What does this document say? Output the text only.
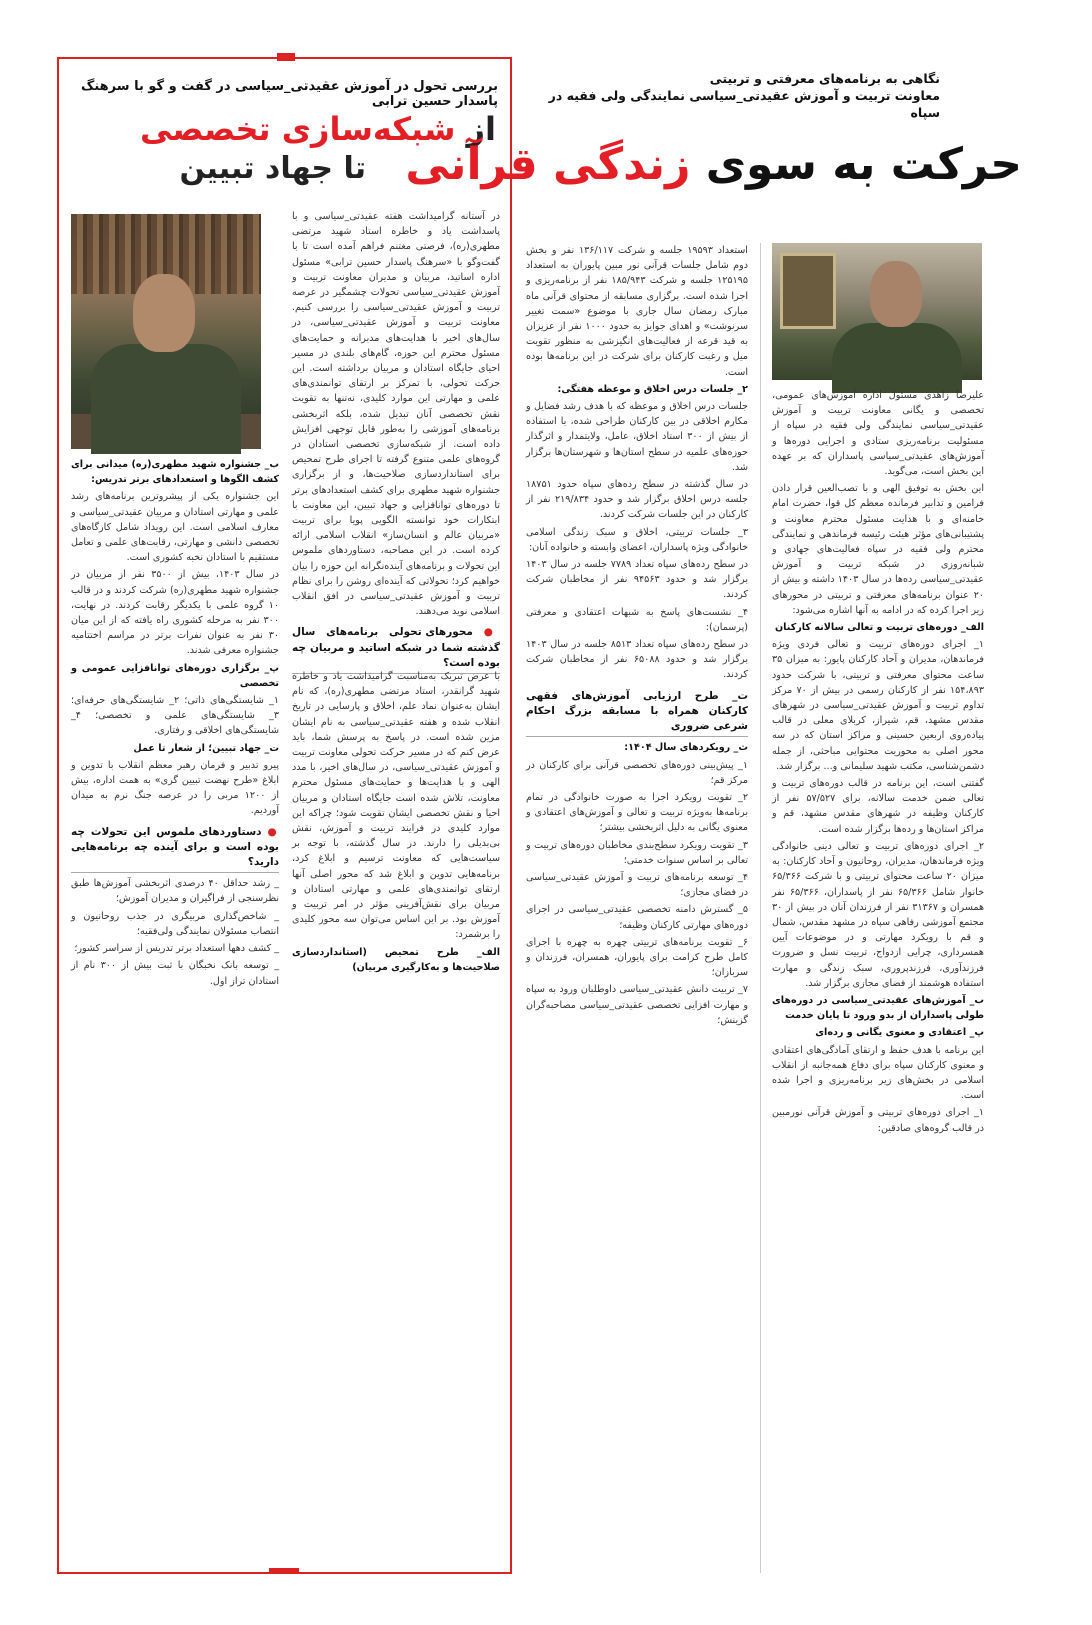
بررسی تحول در آموزش عقیدتی_سیاسی در گفت و گو با سرهنگ پاسدار حسین ترابی
از شبکه‌سازی تخصصی
تا جهاد تبیین

در آستانه گرامیداشت هفته عقیدتی_سیاسی و با پاسداشت یاد و خاطره استاد شهید مرتضی مطهری(ره)، فرصتی مغتنم فراهم آمده است تا با گفت‌وگو با «سرهنگ پاسدار حسین ترابی» مسئول اداره اساتید، مربیان و مدیران معاونت تربیت و آموزش عقیدتی_سیاسی تحولات چشمگیر در عرصه تربیت و آموزش عقیدتی_سیاسی را بررسی کنیم. معاونت تربیت و آموزش عقیدتی_سیاسی، در سال‌های اخیر با هدایت‌های مدبرانه و حمایت‌های مسئول محترم این حوزه، گام‌های بلندی در مسیر احیای جایگاه استادان و مربیان برداشته است. این حرکت تحولی، با تمرکز بر ارتقای توانمندی‌های علمی و مهارتی این موارد کلیدی، نه‌تنها به تقویت نقش تخصصی آنان تبدیل شده، بلکه اثربخشی برنامه‌های آموزشی را به‌طور قابل توجهی افزایش داده است. از شبکه‌سازی تخصصی استادان در گروه‌های علمی متنوع گرفته تا اجرای طرح تمحیص برای استانداردسازی صلاحیت‌ها، و از برگزاری جشنواره شهید مطهری برای کشف استعدادهای برتر تا دوره‌های توانافزایی و جهاد تبیین، این معاونت با ابتکارات خود توانسته الگویی پویا برای تربیت «مربیان عالم و انسان‌ساز» انقلاب اسلامی ارائه کرده است. در این مصاحبه، دستاوردهای ملموس این تحولات و برنامه‌های آینده‌نگرانه این حوزه را بیان خواهیم کرد؛ تحولاتی که آینده‌ای روشن را برای نظام تربیت و آموزش عقیدتی_سیاسی در افق انقلاب اسلامی نوید می‌دهند.

● محورهای تحولی برنامه‌های سال گذشته شما در شبکه اساتید و مربیان چه بوده است؟

با عرض تبریک به‌مناسبت گرامیداشت یاد و خاطره شهید گرانقدر، استاد مرتضی مطهری(ره)، که نام ایشان به‌عنوان نماد علم، اخلاق و پارسایی در تاریخ انقلاب شده و هفته عقیدتی_سیاسی به نام ایشان مزین شده است. در پاسخ به پرسش شما، باید عرض کنم که در مسیر حرکت تحولی معاونت تربیت و آموزش عقیدتی_سیاسی، در سال‌های اخیر، با مدد الهی و با هدایت‌ها و حمایت‌های مسئول محترم معاونت، تلاش شده است جایگاه استادان و مربیان احیا و نقش تخصصی ایشان تقویت شود؛ چراکه این موارد کلیدی در فرایند تربیت و آموزش، نقش بی‌بدیلی را دارند. در سال گذشته، با توجه بر سیاست‌هایی که معاونت ترسیم و ابلاغ کرد، برنامه‌هایی تدوین و ابلاغ شد که محور اصلی آنها ارتقای توانمندی‌های علمی و مهارتی استادان و مربیان برای نقش‌آفرینی مؤثر در امر تربیت و آموزش بود. بر این اساس می‌توان سه محور کلیدی را برشمرد:

الف_ طرح تمحیص (استانداردسازی صلاحیت‌ها و به‌کارگیری مربیان)

ب_ جشنواره شهید مطهری(ره) میدانی برای کشف الگوها و استعدادهای برتر تدریس:

این جشنواره یکی از پیشروترین برنامه‌های رشد علمی و مهارتی استادان و مربیان عقیدتی_سیاسی و معارف اسلامی است. این رویداد شامل کارگاه‌های تخصصی دانشی و مهارتی، رقابت‌های علمی و تعامل مستقیم با استادان نخبه کشوری است.

در سال ۱۴۰۳، بیش از ۳۵۰۰ نفر از مربیان در جشنواره شهید مطهری(ره) شرکت کردند و در قالب ۱۰ گروه علمی با یکدیگر رقابت کردند. در نهایت، ۳۰۰ نفر به مرحله کشوری راه یافته که از این میان ۳۰ نفر به عنوان نفرات برتر در مراسم اختتامیه جشنواره معرفی شدند.

پ_ برگزاری دوره‌های توانافزایی عمومی و تخصصی

۱_ شایستگی‌های ذاتی؛ ۲_ شایستگی‌های حرفه‌ای؛ ۳_ شایستگی‌های علمی و تخصصی؛ ۴_ شایستگی‌های اخلاقی و رفتاری.

ت_ جهاد تبیین؛ از شعار تا عمل

پیرو تدبیر و فرمان رهبر معظم انقلاب با تدوین و ابلاغ «طرح نهضت تبیین گری» به همت اداره، بیش از ۱۲۰۰ مربی را در عرصه جنگ نرم به میدان آوردیم.

● دستاوردهای ملموس این تحولات چه بوده است و برای آینده چه برنامه‌هایی دارید؟

_ رشد حداقل ۴۰ درصدی اثربخشی آموزش‌ها طبق نظرسنجی از فراگیران و مدیران آموزش؛

_ شاخص‌گذاری مربیگری در جذب روحانیون و انتصاب مسئولان نمایندگی ولی‌فقیه؛

_ کشف دهها استعداد برتر تدریس از سراسر کشور؛

_ توسعه بانک نخبگان با ثبت بیش از ۳۰۰ نام از استادان تراز اول.

نگاهی به برنامه‌های معرفتی و تربیتی
معاونت تربیت و آموزش عقیدتی_سیاسی نمایندگی ولی فقیه در سپاه
حرکت به سوی زندگی قرآنی

علیرضا زاهدی مسئول اداره آموزش‌های عمومی، تخصصی و یگانی معاونت تربیت و آموزش عقیدتی_سیاسی نمایندگی ولی فقیه در سپاه از مسئولیت برنامه‌ریزی ستادی و اجرایی دوره‌ها و آموزش‌های عقیدتی_سیاسی پاسداران که بر عهده این بخش است، می‌گوید.

این بخش به توفیق الهی و با تصب‌العین قرار دادن فرامین و تدابیر فرمانده معظم کل قوا، حضرت امام خامنه‌ای و با هدایت مسئول محترم معاونت و پشتیبانی‌های مؤثر هیئت رئیسه فرماندهی و نمایندگی محترم ولی فقیه در سپاه فعالیت‌های جهادی و شبانه‌روزی در شبکه تربیت و آموزش عقیدتی_سیاسی رده‌ها در سال ۱۴۰۳ داشته و بیش از ۲۰ عنوان برنامه‌های معرفتی و تربیتی در محورهای زیر اجرا کرده که در ادامه به آنها اشاره می‌شود:

الف_ دوره‌های تربیت و تعالی سالانه کارکنان

۱_ اجرای دوره‌های تربیت و تعالی فردی ویژه فرماندهان، مدیران و آحاد کارکنان پایور: به میزان ۳۵ ساعت محتوای معرفتی و تربیتی، با شرکت حدود ۱۵۴،۸۹۳ نفر از کارکنان رسمی در بیش از ۷۰ مرکز تداوم تربیت و آموزش عقیدتی_سیاسی در شهرهای مقدس مشهد، قم، شیراز، کربلای معلی در قالب پیاده‌روی اربعین حسینی و مراکز استان که در سه محور اصلی به محوریت محتوایی مباحثی، از جمله دشمن‌شناسی، مکتب شهید سلیمانی و... برگزار شد.

گفتنی است، این برنامه در قالب دوره‌های تربیت و تعالی ضمن خدمت سالانه، برای ۵۷/۵۲۷ نفر از کارکنان وظیفه در شهرهای مقدس مشهد، قم و مراکز استان‌ها و رده‌ها برگزار شده است.

۲_ اجرای دوره‌های تربیت و تعالی دینی خانوادگی ویژه فرماندهان، مدیران، روحانیون و آحاد کارکنان: به میزان ۲۰ ساعت محتوای تربیتی و با شرکت ۶۵/۳۶۶ خانوار شامل ۶۵/۳۶۶ نفر از پاسداران، ۶۵/۳۶۶ نفر همسران و ۳۱۳۶۷ نفر از فرزندان آنان در بیش از ۳۰ مجتمع آموزشی رفاهی سپاه در مشهد مقدس، شمال و قم با رویکرد مهارتی و در موضوعات آیین همسرداری، چرایی ازدواج، تربیت نسل و ضرورت فرزندآوری، فرزندپروری، سبک زندگی و مهارت استفاده هوشمند از فضای مجازی برگزار شد.

ب_ آموزش‌های عقیدتی_سیاسی در دوره‌های طولی پاسداران از بدو ورود تا پایان خدمت

پ_ اعتقادی و معنوی یگانی و رده‌ای

این برنامه با هدف حفظ و ارتقای آمادگی‌های اعتقادی و معنوی کارکنان سپاه برای دفاع همه‌جانبه از انقلاب اسلامی در بخش‌های زیر برنامه‌ریزی و اجرا شده است.

۱_ اجرای دوره‌های تربیتی و آموزش قرآنی نورمبین در قالب گروه‌های صادقین:

استعداد ۱۹۵۹۳ جلسه و شرکت ۱۳۶/۱۱۷ نفر و بخش دوم شامل جلسات قرآنی نور مبین پایوران به استعداد ۱۲۵۱۹۵ جلسه و شرکت ۱۸۵/۹۴۳ نفر از برنامه‌ریزی و اجرا شده است. برگزاری مسابقه از محتوای قرآنی ماه مبارک رمضان سال جاری با موضوع «سمت تغییر سرنوشت» و اهدای جوایز به حدود ۱۰۰۰ نفر از عزیزان به قید قرعه از فعالیت‌های انگیزشی به منظور تقویت میل و رغبت کارکنان برای شرکت در این برنامه‌ها بوده است.

۲_ جلسات درس اخلاق و موعظه هفتگی:

جلسات درس اخلاق و موعظه که با هدف رشد فضایل و مکارم اخلاقی در بین کارکنان طراحی شده، با استفاده از بیش از ۳۰۰ استاد اخلاق، عامل، ولایتمدار و اثرگذار حوزه‌های علمیه در سطح استان‌ها و شهرستان‌ها برگزار شد.

در سال گذشته در سطح رده‌های سپاه حدود ۱۸۷۵۱ جلسه درس اخلاق برگزار شد و حدود ۲۱۹/۸۳۴ نفر از کارکنان در این جلسات شرکت کردند.

۳_ جلسات تربیتی، اخلاق و سبک زندگی اسلامی خانوادگی ویژه پاسداران، اعضای وابسته و خانواده آنان:

در سطح رده‌های سپاه تعداد ۷۷۸۹ جلسه در سال ۱۴۰۳ برگزار شد و حدود ۹۴۵۶۳ نفر از مخاطبان شرکت کردند.

۴_ نشست‌های پاسخ به شبهات اعتقادی و معرفتی (پرسمان):

در سطح رده‌های سپاه تعداد ۸۵۱۳ جلسه در سال ۱۴۰۳ برگزار شد و حدود ۶۵۰۸۸ نفر از مخاطبان شرکت کردند.

ت_ طرح ارزیابی آموزش‌های فقهی کارکنان همراه با مسابقه بزرگ احکام شرعی ضروری

ث_ رویکردهای سال ۱۴۰۴:

۱_ پیش‌بینی دوره‌های تخصصی قرآنی برای کارکنان در مرکز قم؛

۲_ تقویت رویکرد اجرا به صورت خانوادگی در تمام برنامه‌ها به‌ویژه تربیت و تعالی و آموزش‌های اعتقادی و معنوی یگانی به دلیل اثربخشی بیشتر؛

۳_ تقویت رویکرد سطح‌بندی مخاطبان دوره‌های تربیت و تعالی بر اساس سنوات خدمتی؛

۴_ توسعه برنامه‌های تربیت و آموزش عقیدتی_سیاسی در فضای مجازی؛

۵_ گسترش دامنه تخصصی عقیدتی_سیاسی در اجرای دوره‌های مهارتی کارکنان وظیفه؛

۶_ تقویت برنامه‌های تربیتی چهره به چهره با اجرای کامل طرح کرامت برای پایوران، همسران، فرزندان و سربازان؛

۷_ تربیت دانش عقیدتی_سیاسی داوطلبان ورود به سپاه و مهارت افزایی تخصصی عقیدتی_سیاسی مصاحبه‌گران گزینش؛
